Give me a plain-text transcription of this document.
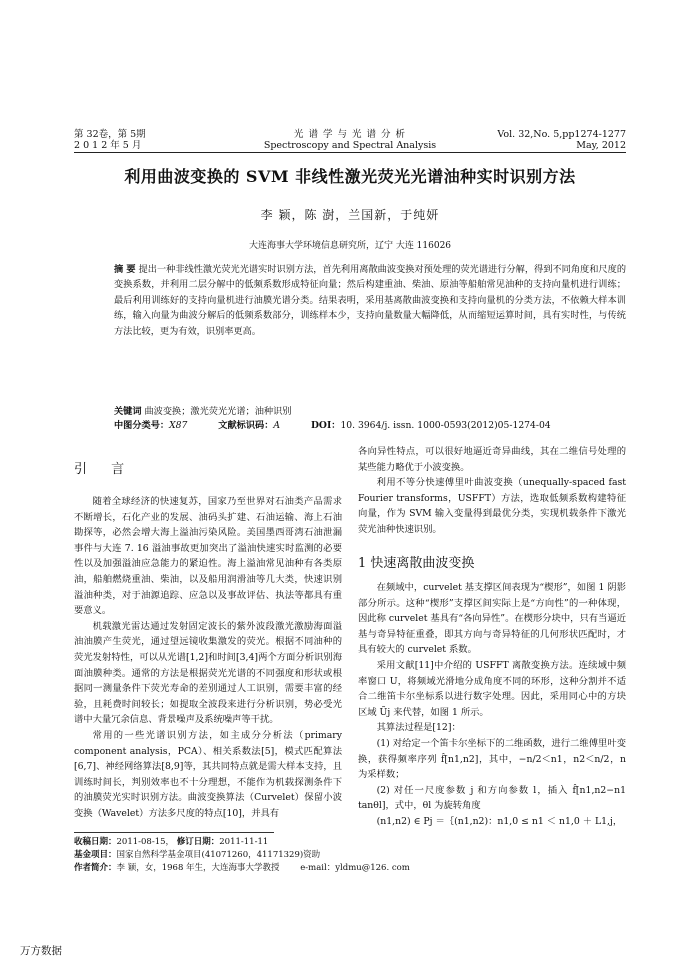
第 32卷，第 5期
2 0 1 2 年 5 月
光 谱 学 与 光 谱 分 析
Spectroscopy and Spectral Analysis
Vol. 32,No. 5,pp1274-1277
May, 2012
利用曲波变换的 SVM 非线性激光荧光光谱油种实时识别方法
李 颖，陈 澍，兰国新，于纯妍
大连海事大学环境信息研究所，辽宁 大连 116026
摘 要 提出一种非线性激光荧光光谱实时识别方法，首先利用离散曲波变换对预处理的荧光谱进行分解，得到不同角度和尺度的变换系数，并利用二层分解中的低频系数形成特征向量；然后构建重油、柴油、原油等船舶常见油种的支持向量机进行训练；最后利用训练好的支持向量机进行油膜光谱分类。结果表明，采用基离散曲波变换和支持向量机的分类方法，不依赖大样本训练，输入向量为曲波分解后的低频系数部分，训练样本少，支持向量数量大幅降低，从而缩短运算时间，具有实时性，与传统方法比较，更为有效，识别率更高。
关键词 曲波变换；激光荧光光谱；油种识别
中图分类号：X87	文献标识码：A	DOI：10. 3964/j. issn. 1000-0593(2012)05-1274-04
引 言

随着全球经济的快速复苏，国家乃至世界对石油类产品需求不断增长，石化产业的发展、油码头扩建、石油运输、海上石油勘探等，必然会增大海上溢油污染风险。美国墨西哥湾石油泄漏事件与大连 7. 16 溢油事故更加突出了溢油快速实时监测的必要性以及加强溢油应急能力的紧迫性。海上溢油常见油种有各类原油，船舶燃烧重油、柴油，以及船用润滑油等几大类，快速识别溢油种类，对于油源追踪、应急以及事故评估、执法等都具有重要意义。

机载激光雷达通过发射固定波长的紫外波段激光激励海面溢油油膜产生荧光，通过望远镜收集激发的荧光。根据不同油种的荧光发射特性，可以从光谱[1,2]和时间[3,4]两个方面分析识别海面油膜种类。通常的方法是根据荧光光谱的不同强度和形状或根据同一测量条件下荧光寿命的差别通过人工识别，需要丰富的经验，且耗费时间较长；如提取全波段来进行分析识别，势必受光谱中大量冗余信息、背景噪声及系统噪声等干扰。

常用的一些光谱识别方法，如主成分分析法（primary component analysis，PCA）、相关系数法[5]，模式匹配算法[6,7]、神经网络算法[8,9]等，其共同特点就是需大样本支持，且训练时间长，判别效率也不十分理想，不能作为机载探测条件下的油膜荧光实时识别方法。曲波变换算法（Curvelet）保留小波变换（Wavelet）方法多尺度的特点[10]，并具有

各向异性特点，可以很好地逼近奇异曲线，其在二维信号处理的某些能力略优于小波变换。

利用不等分快速傅里叶曲波变换（unequally-spaced fast Fourier transforms，USFFT）方法，选取低频系数构建特征向量，作为 SVM 输入变量得到最优分类，实现机载条件下激光荧光油种快速识别。

1 快速离散曲波变换

在频域中，curvelet 基支撑区间表现为“楔形”，如图 1 阴影部分所示。这种“楔形”支撑区间实际上是“方向性”的一种体现，因此称 curvelet 基具有“各向异性”。在楔形分块中，只有当逼近基与奇异特征重叠，即其方向与奇异特征的几何形状匹配时，才具有较大的 curvelet 系数。

采用文献[11]中介绍的 USFFT 离散变换方法。连续域中频率窗口 U，将频域光滑地分成角度不同的环形，这种分割并不适合二维笛卡尔坐标系以进行数字处理。因此，采用同心中的方块区域 Ũj 来代替，如图 1 所示。

其算法过程是[12]：

(1) 对给定一个笛卡尔坐标下的二维函数，进行二维傅里叶变换，获得频率序列 f̂[n1,n2]，其中，−n/2＜n1，n2＜n/2，n 为采样数；

(2) 对任一尺度参数 j 和方向参数 l，插入 f̂[n1,n2−n1 tanθl]，式中，θl 为旋转角度

(n1,n2) ∈ Pj ＝｛(n1,n2)：n1,0 ≤ n1 ＜ n1,0 ＋ L1,j，

收稿日期：2011-08-15， 修订日期：2011-11-11
基金项目：国家自然科学基金项目(41071260，41171329)资助
作者简介：李 颖，女，1968 年生，大连海事大学教授 e-mail：yldmu@126. com
万方数据
